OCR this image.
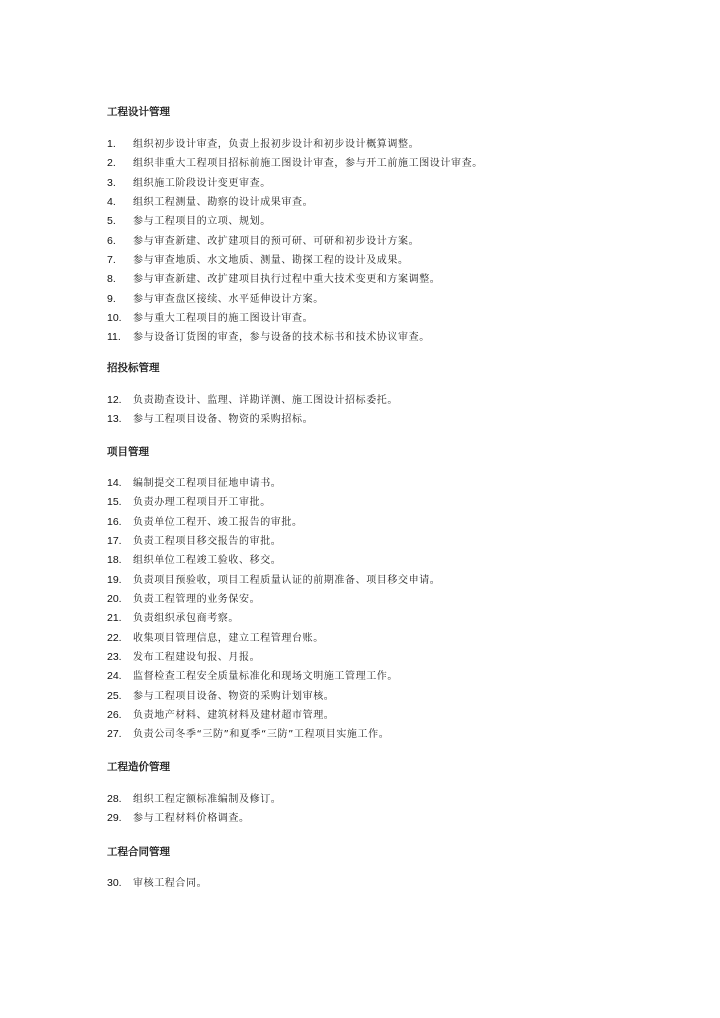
工程设计管理
1. 组织初步设计审查，负责上报初步设计和初步设计概算调整。
2. 组织非重大工程项目招标前施工图设计审查，参与开工前施工图设计审查。
3. 组织施工阶段设计变更审查。
4. 组织工程测量、勘察的设计成果审查。
5. 参与工程项目的立项、规划。
6. 参与审查新建、改扩建项目的预可研、可研和初步设计方案。
7. 参与审查地质、水文地质、测量、勘探工程的设计及成果。
8. 参与审查新建、改扩建项目执行过程中重大技术变更和方案调整。
9. 参与审查盘区接续、水平延伸设计方案。
10. 参与重大工程项目的施工图设计审查。
11. 参与设备订货图的审查，参与设备的技术标书和技术协议审查。
招投标管理
12. 负责勘查设计、监理、详勘详测、施工图设计招标委托。
13. 参与工程项目设备、物资的采购招标。
项目管理
14. 编制提交工程项目征地申请书。
15. 负责办理工程项目开工审批。
16. 负责单位工程开、竣工报告的审批。
17. 负责工程项目移交报告的审批。
18. 组织单位工程竣工验收、移交。
19. 负责项目预验收，项目工程质量认证的前期准备、项目移交申请。
20. 负责工程管理的业务保安。
21. 负责组织承包商考察。
22. 收集项目管理信息，建立工程管理台账。
23. 发布工程建设旬报、月报。
24. 监督检查工程安全质量标准化和现场文明施工管理工作。
25. 参与工程项目设备、物资的采购计划审核。
26. 负责地产材料、建筑材料及建材超市管理。
27. 负责公司冬季“三防”和夏季“三防”工程项目实施工作。
工程造价管理
28. 组织工程定额标准编制及修订。
29. 参与工程材料价格调查。
工程合同管理
30. 审核工程合同。
